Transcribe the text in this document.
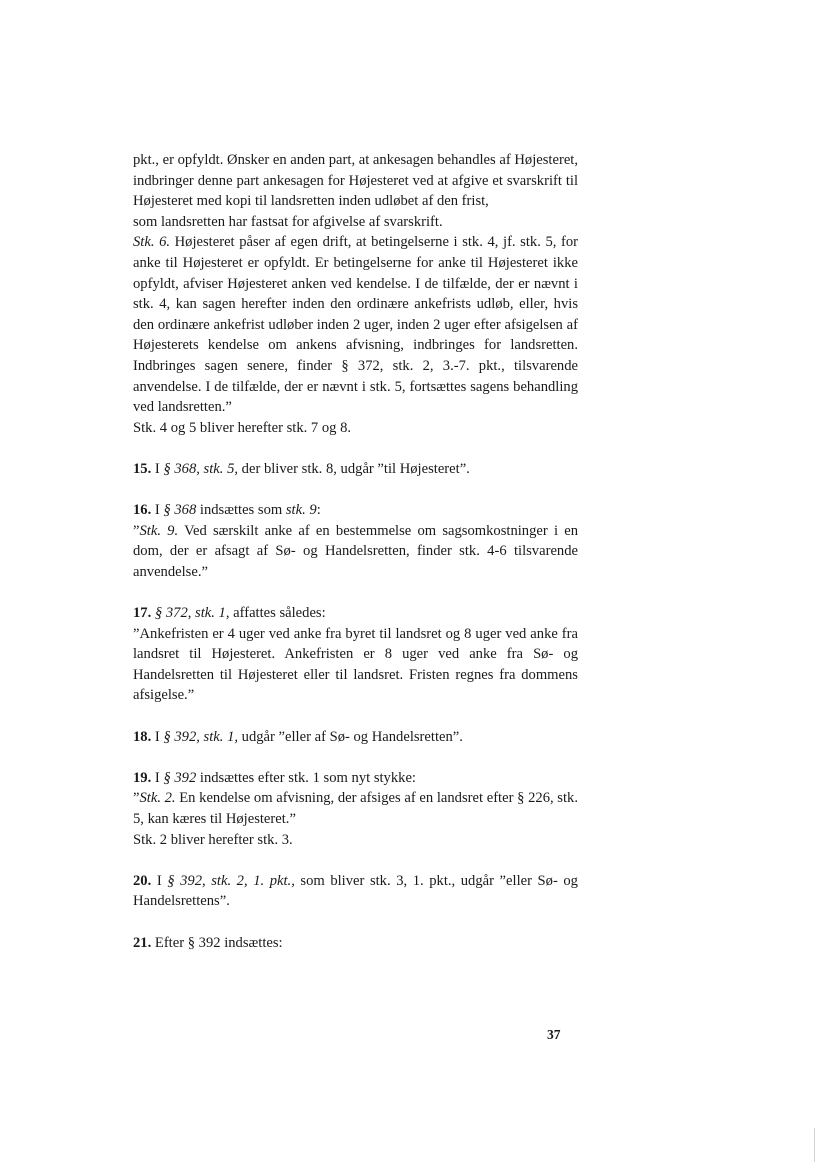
pkt., er opfyldt. Ønsker en anden part, at ankesagen behandles af Højesteret, indbringer denne part ankesagen for Højesteret ved at afgive et svarskrift til Højesteret med kopi til landsretten inden udløbet af den frist,

som landsretten har fastsat for afgivelse af svarskrift.

Stk. 6. Højesteret påser af egen drift, at betingelserne i stk. 4, jf. stk. 5, for anke til Højesteret er opfyldt. Er betingelserne for anke til Højesteret ikke opfyldt, afviser Højesteret anken ved kendelse. I de tilfælde, der er nævnt i stk. 4, kan sagen herefter inden den ordinære ankefrists udløb, eller, hvis den ordinære ankefrist udløber inden 2 uger, inden 2 uger efter afsigelsen af Højesterets kendelse om ankens afvisning, indbringes for landsretten. Indbringes sagen senere, finder § 372, stk. 2, 3.-7. pkt., tilsvarende anvendelse. I de tilfælde, der er nævnt i stk. 5, fortsættes sagens behandling ved landsretten.”

Stk. 4 og 5 bliver herefter stk. 7 og 8.

15. I § 368, stk. 5, der bliver stk. 8, udgår ”til Højesteret”.

16. I § 368 indsættes som stk. 9:

”Stk. 9. Ved særskilt anke af en bestemmelse om sagsomkostninger i en dom, der er afsagt af Sø- og Handelsretten, finder stk. 4-6 tilsvarende anvendelse.”

17. § 372, stk. 1, affattes således:

”Ankefristen er 4 uger ved anke fra byret til landsret og 8 uger ved anke fra landsret til Højesteret. Ankefristen er 8 uger ved anke fra Sø- og Handelsretten til Højesteret eller til landsret. Fristen regnes fra dommens afsigelse.”

18. I § 392, stk. 1, udgår ”eller af Sø- og Handelsretten”.

19. I § 392 indsættes efter stk. 1 som nyt stykke:

”Stk. 2. En kendelse om afvisning, der afsiges af en landsret efter § 226, stk. 5, kan kæres til Højesteret.”

Stk. 2 bliver herefter stk. 3.

20. I § 392, stk. 2, 1. pkt., som bliver stk. 3, 1. pkt., udgår ”eller Sø- og Handelsrettens”.

21. Efter § 392 indsættes:

37
